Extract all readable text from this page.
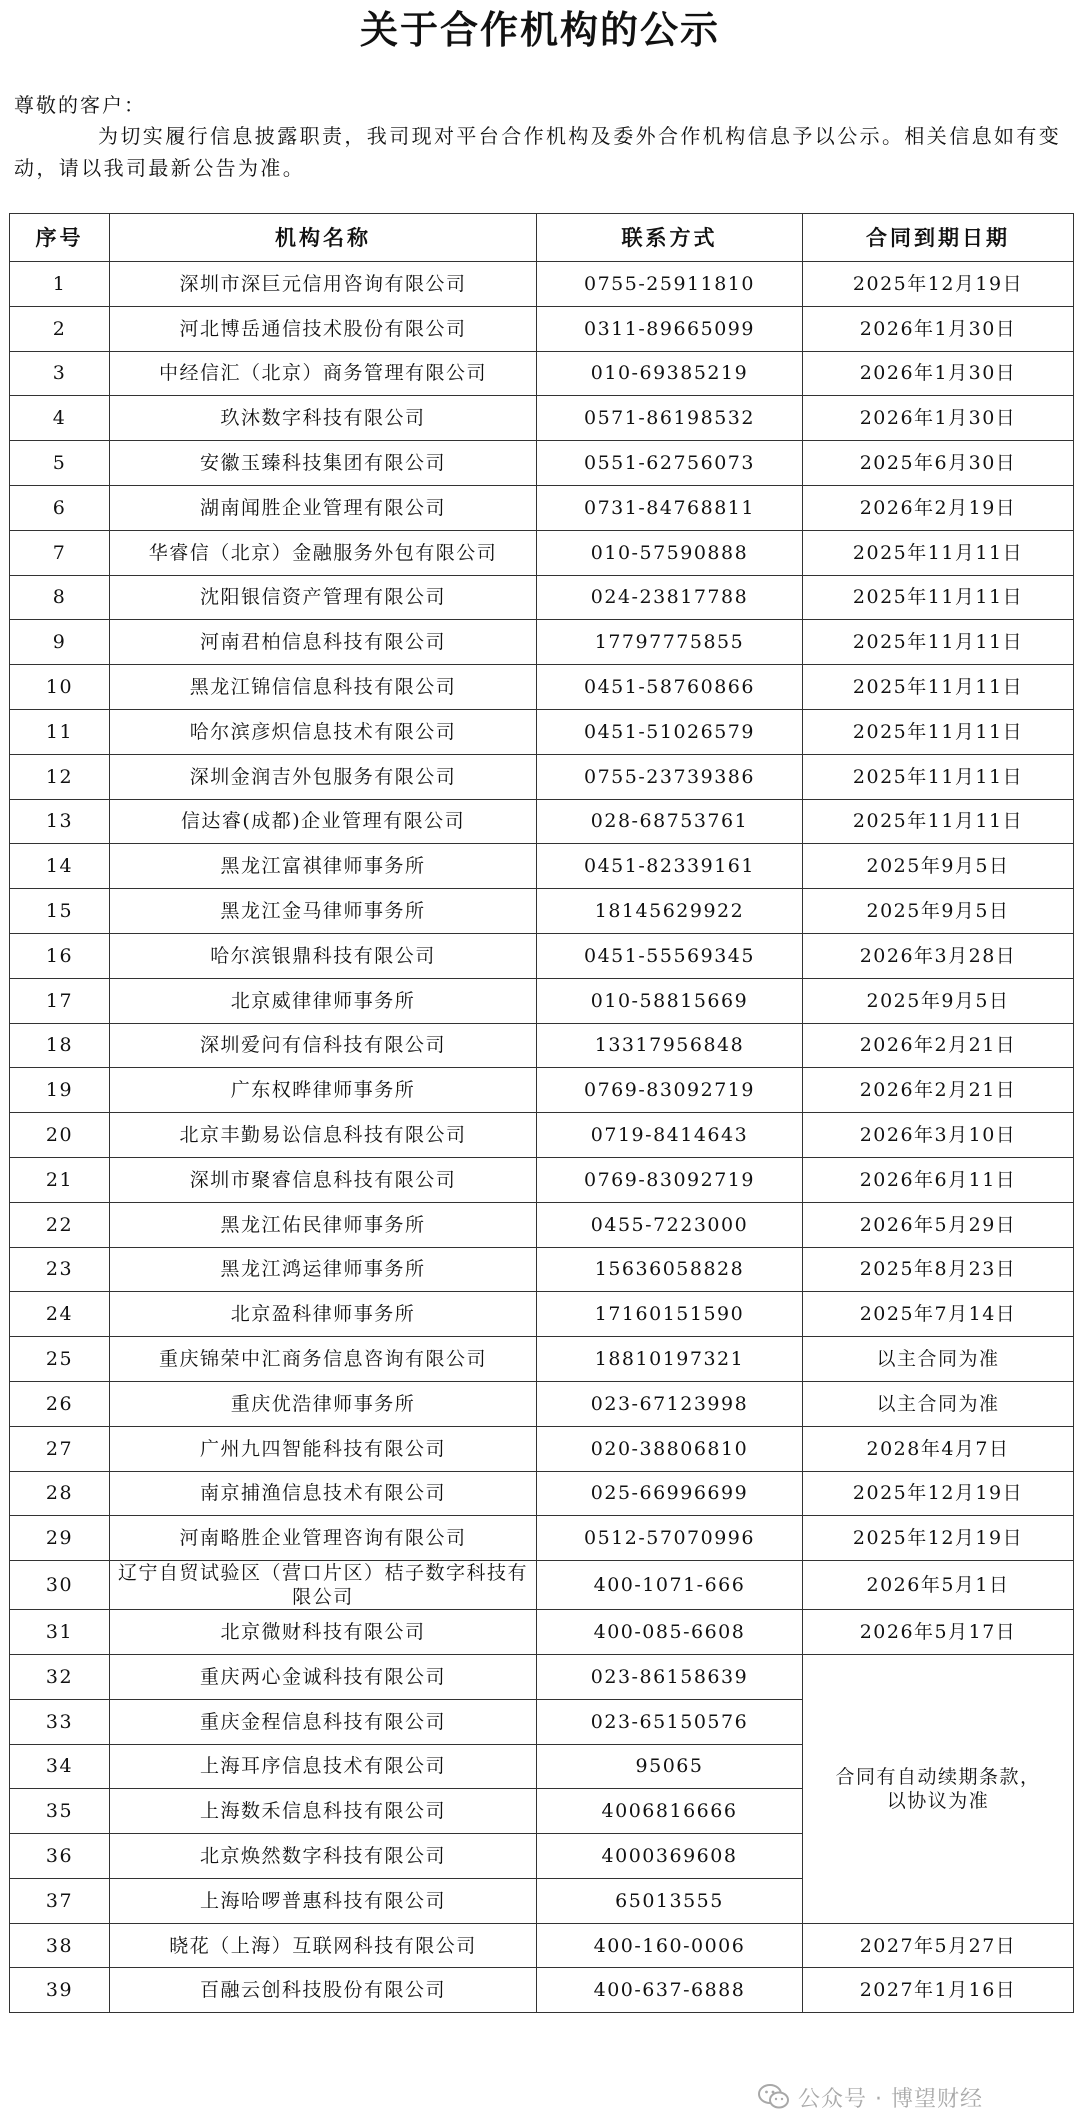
关于合作机构的公示
尊敬的客户：
为切实履行信息披露职责，我司现对平台合作机构及委外合作机构信息予以公示。相关信息如有变动，请以我司最新公告为准。
序号	机构名称	联系方式	合同到期日期
1	深圳市深巨元信用咨询有限公司	0755-25911810	2025年12月19日
2	河北博岳通信技术股份有限公司	0311-89665099	2026年1月30日
3	中经信汇（北京）商务管理有限公司	010-69385219	2026年1月30日
4	玖沐数字科技有限公司	0571-86198532	2026年1月30日
5	安徽玉臻科技集团有限公司	0551-62756073	2025年6月30日
6	湖南闻胜企业管理有限公司	0731-84768811	2026年2月19日
7	华睿信（北京）金融服务外包有限公司	010-57590888	2025年11月11日
8	沈阳银信资产管理有限公司	024-23817788	2025年11月11日
9	河南君柏信息科技有限公司	17797775855	2025年11月11日
10	黑龙江锦信信息科技有限公司	0451-58760866	2025年11月11日
11	哈尔滨彦炽信息技术有限公司	0451-51026579	2025年11月11日
12	深圳金润吉外包服务有限公司	0755-23739386	2025年11月11日
13	信达睿(成都)企业管理有限公司	028-68753761	2025年11月11日
14	黑龙江富祺律师事务所	0451-82339161	2025年9月5日
15	黑龙江金马律师事务所	18145629922	2025年9月5日
16	哈尔滨银鼎科技有限公司	0451-55569345	2026年3月28日
17	北京威律律师事务所	010-58815669	2025年9月5日
18	深圳爱问有信科技有限公司	13317956848	2026年2月21日
19	广东权晔律师事务所	0769-83092719	2026年2月21日
20	北京丰勤易讼信息科技有限公司	0719-8414643	2026年3月10日
21	深圳市聚睿信息科技有限公司	0769-83092719	2026年6月11日
22	黑龙江佑民律师事务所	0455-7223000	2026年5月29日
23	黑龙江鸿运律师事务所	15636058828	2025年8月23日
24	北京盈科律师事务所	17160151590	2025年7月14日
25	重庆锦荣中汇商务信息咨询有限公司	18810197321	以主合同为准
26	重庆优浩律师事务所	023-67123998	以主合同为准
27	广州九四智能科技有限公司	020-38806810	2028年4月7日
28	南京捕渔信息技术有限公司	025-66996699	2025年12月19日
29	河南略胜企业管理咨询有限公司	0512-57070996	2025年12月19日
30	辽宁自贸试验区（营口片区）桔子数字科技有限公司	400-1071-666	2026年5月1日
31	北京微财科技有限公司	400-085-6608	2026年5月17日
32	重庆两心金诚科技有限公司	023-86158639	合同有自动续期条款，
以协议为准

33	重庆金程信息科技有限公司	023-65150576	
34	上海耳序信息技术有限公司	95065	
35	上海数禾信息科技有限公司	4006816666	
36	北京焕然数字科技有限公司	4000369608	
37	上海哈啰普惠科技有限公司	65013555	
38	晓花（上海）互联网科技有限公司	400-160-0006	2027年5月27日
39	百融云创科技股份有限公司	400-637-6888	2027年1月16日
公众号 · 博望财经
